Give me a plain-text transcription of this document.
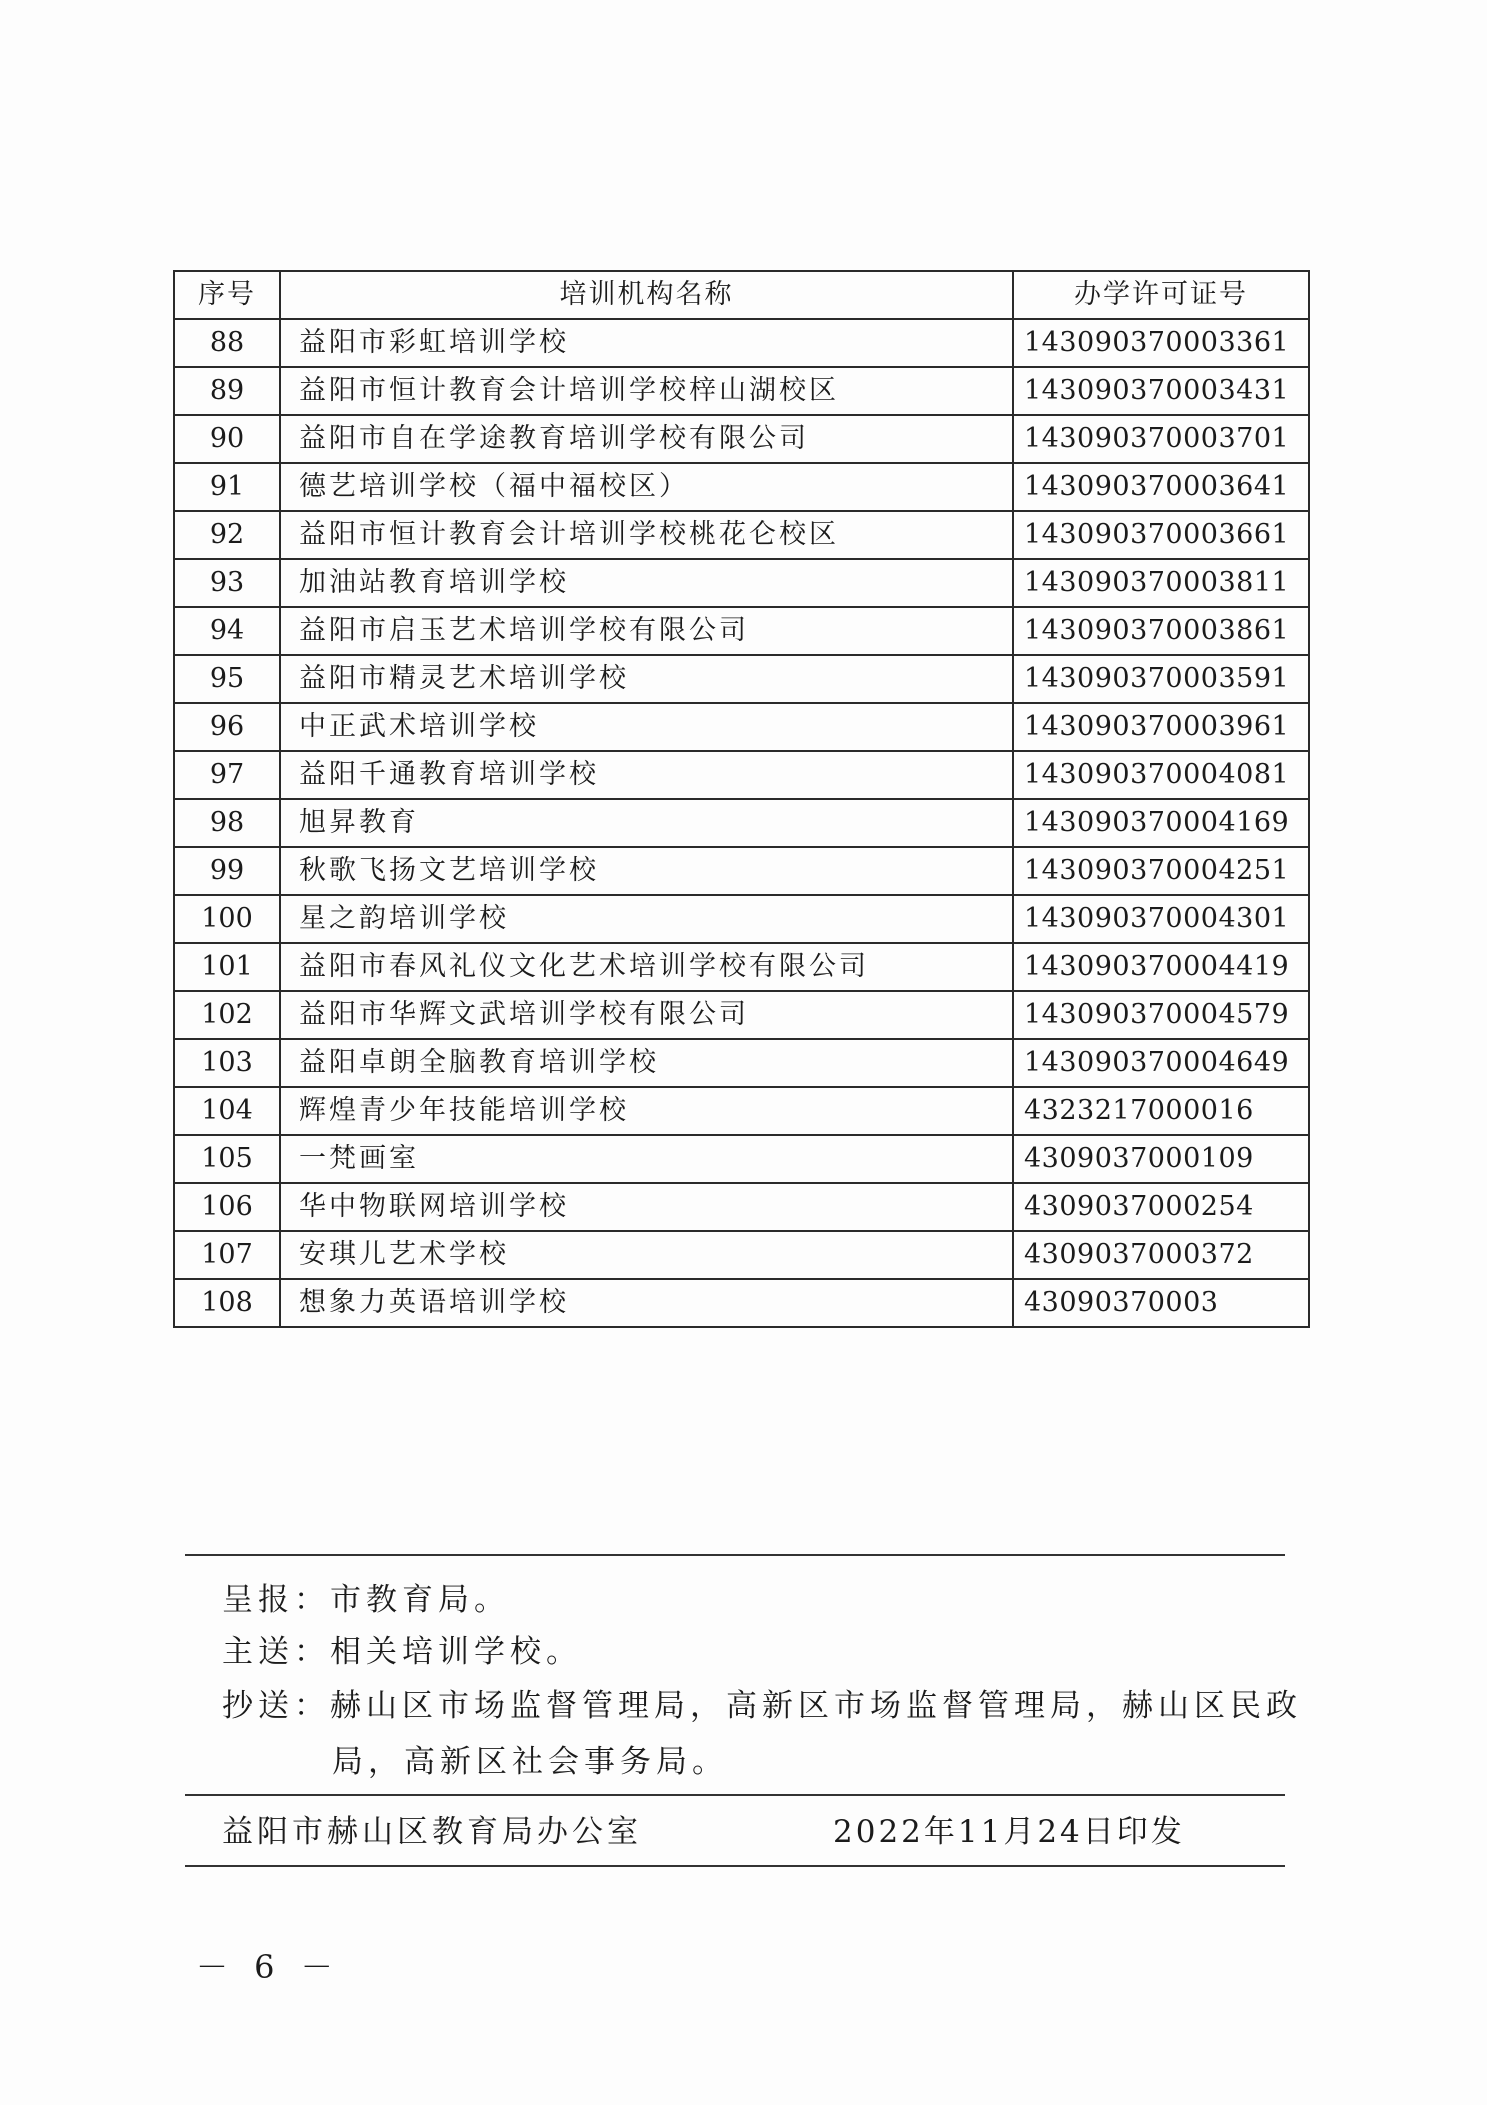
序号	培训机构名称	办学许可证号
88	益阳市彩虹培训学校	143090370003361
89	益阳市恒计教育会计培训学校梓山湖校区	143090370003431
90	益阳市自在学途教育培训学校有限公司	143090370003701
91	德艺培训学校（福中福校区）	143090370003641
92	益阳市恒计教育会计培训学校桃花仑校区	143090370003661
93	加油站教育培训学校	143090370003811
94	益阳市启玉艺术培训学校有限公司	143090370003861
95	益阳市精灵艺术培训学校	143090370003591
96	中正武术培训学校	143090370003961
97	益阳千通教育培训学校	143090370004081
98	旭昇教育	143090370004169
99	秋歌飞扬文艺培训学校	143090370004251
100	星之韵培训学校	143090370004301
101	益阳市春风礼仪文化艺术培训学校有限公司	143090370004419
102	益阳市华辉文武培训学校有限公司	143090370004579
103	益阳卓朗全脑教育培训学校	143090370004649
104	辉煌青少年技能培训学校	4323217000016
105	一梵画室	4309037000109
106	华中物联网培训学校	4309037000254
107	安琪儿艺术学校	4309037000372
108	想象力英语培训学校	43090370003
呈报：市教育局。
主送：相关培训学校。
抄送：赫山区市场监督管理局，高新区市场监督管理局，赫山区民政
局，高新区社会事务局。
益阳市赫山区教育局办公室	2022年11月24日印发
－ 6 －
